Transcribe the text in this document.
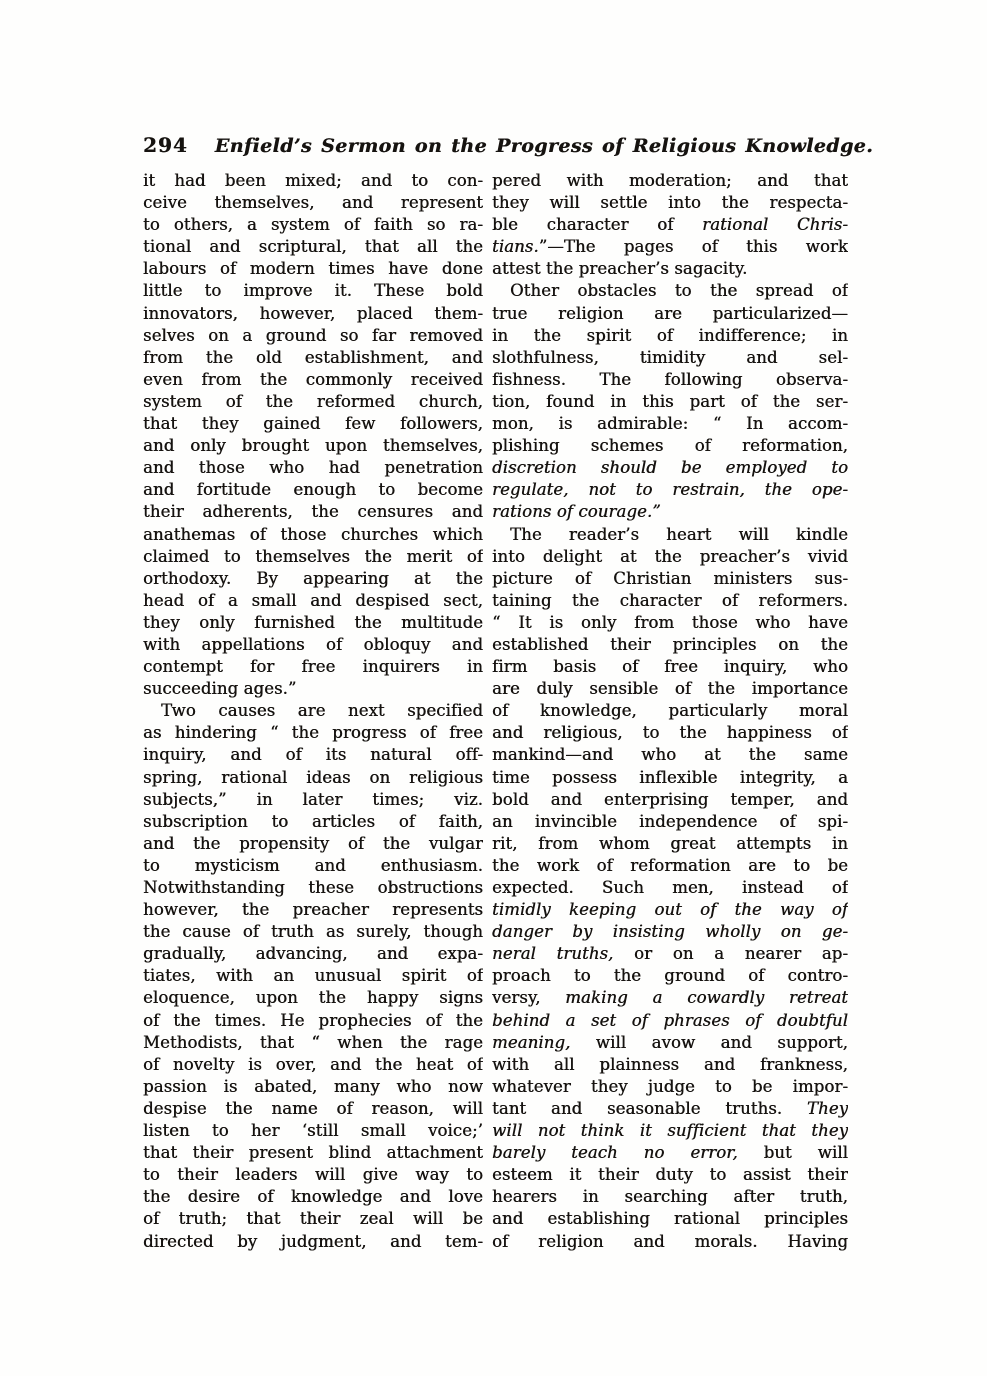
294 Enfield’s Sermon on the Progress of Religious Knowledge.
it had been mixed; and to con-
ceive themselves, and represent
to others, a system of faith so ra-
tional and scriptural, that all the
labours of modern times have done
little to improve it. These bold
innovators, however, placed them-
selves on a ground so far removed
from the old establishment, and
even from the commonly received
system of the reformed church,
that they gained few followers,
and only brought upon themselves,
and those who had penetration
and fortitude enough to become
their adherents, the censures and
anathemas of those churches which
claimed to themselves the merit of
orthodoxy. By appearing at the
head of a small and despised sect,
they only furnished the multitude
with appellations of obloquy and
contempt for free inquirers in
succeeding ages.”
Two causes are next specified
as hindering “ the progress of free
inquiry, and of its natural off-
spring, rational ideas on religious
subjects,” in later times; viz.
subscription to articles of faith,
and the propensity of the vulgar
to mysticism and enthusiasm.
Notwithstanding these obstructions
however, the preacher represents
the cause of truth as surely, though
gradually, advancing, and expa-
tiates, with an unusual spirit of
eloquence, upon the happy signs
of the times. He prophecies of the
Methodists, that “ when the rage
of novelty is over, and the heat of
passion is abated, many who now
despise the name of reason, will
listen to her ‘still small voice;’
that their present blind attachment
to their leaders will give way to
the desire of knowledge and love
of truth; that their zeal will be
directed by judgment, and tem-
pered with moderation; and that
they will settle into the respecta-
ble character of rational Chris-
tians.”—The pages of this work
attest the preacher’s sagacity.
Other obstacles to the spread of
true religion are particularized—
in the spirit of indifference; in
slothfulness, timidity and sel-
fishness. The following observa-
tion, found in this part of the ser-
mon, is admirable: “ In accom-
plishing schemes of reformation,
discretion should be employed to
regulate, not to restrain, the ope-
rations of courage.”
The reader’s heart will kindle
into delight at the preacher’s vivid
picture of Christian ministers sus-
taining the character of reformers.
“ It is only from those who have
established their principles on the
firm basis of free inquiry, who
are duly sensible of the importance
of knowledge, particularly moral
and religious, to the happiness of
mankind—and who at the same
time possess inflexible integrity, a
bold and enterprising temper, and
an invincible independence of spi-
rit, from whom great attempts in
the work of reformation are to be
expected. Such men, instead of
timidly keeping out of the way of
danger by insisting wholly on ge-
neral truths, or on a nearer ap-
proach to the ground of contro-
versy, making a cowardly retreat
behind a set of phrases of doubtful
meaning, will avow and support,
with all plainness and frankness,
whatever they judge to be impor-
tant and seasonable truths. They
will not think it sufficient that they
barely teach no error, but will
esteem it their duty to assist their
hearers in searching after truth,
and establishing rational principles
of religion and morals. Having
